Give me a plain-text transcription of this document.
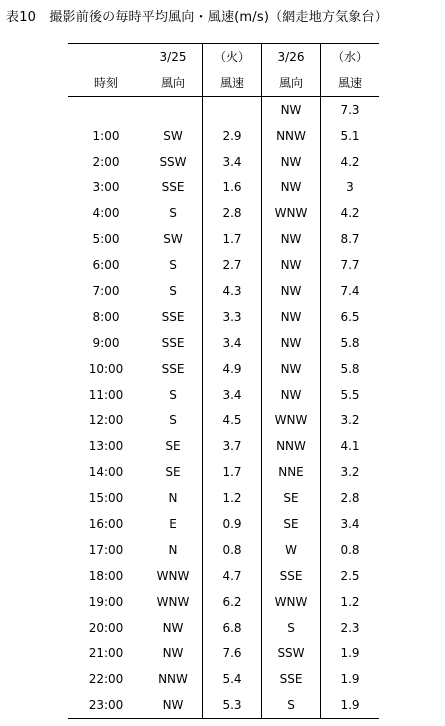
表10　撮影前後の毎時平均風向・風速(m/s)（網走地方気象台）
	3/25	（火）	3/26	（水）
時刻	風向	風速	風向	風速
			NW	7.3
1:00	SW	2.9	NNW	5.1
2:00	SSW	3.4	NW	4.2
3:00	SSE	1.6	NW	3
4:00	S	2.8	WNW	4.2
5:00	SW	1.7	NW	8.7
6:00	S	2.7	NW	7.7
7:00	S	4.3	NW	7.4
8:00	SSE	3.3	NW	6.5
9:00	SSE	3.4	NW	5.8
10:00	SSE	4.9	NW	5.8
11:00	S	3.4	NW	5.5
12:00	S	4.5	WNW	3.2
13:00	SE	3.7	NNW	4.1
14:00	SE	1.7	NNE	3.2
15:00	N	1.2	SE	2.8
16:00	E	0.9	SE	3.4
17:00	N	0.8	W	0.8
18:00	WNW	4.7	SSE	2.5
19:00	WNW	6.2	WNW	1.2
20:00	NW	6.8	S	2.3
21:00	NW	7.6	SSW	1.9
22:00	NNW	5.4	SSE	1.9
23:00	NW	5.3	S	1.9
